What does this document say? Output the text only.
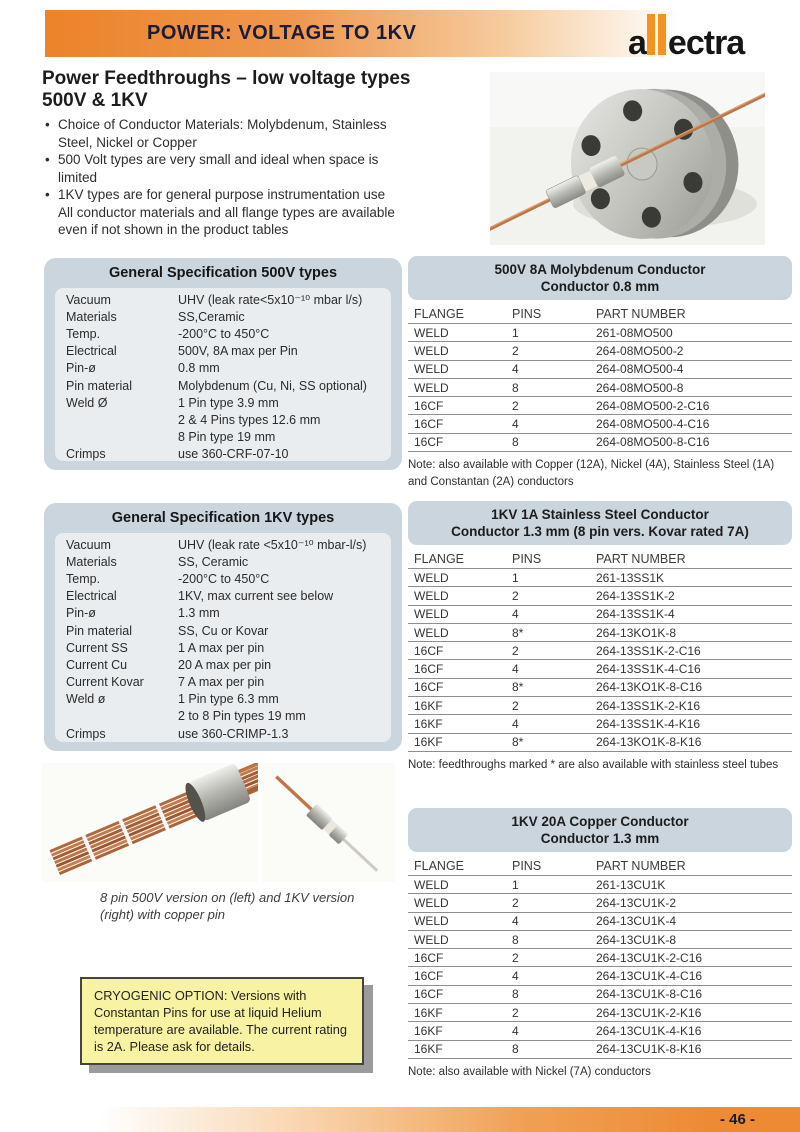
POWER: VOLTAGE TO 1KV	a ectra
Power Feedthroughs – low voltage types
500V & 1KV
• Choice of Conductor Materials: Molybdenum, Stainless Steel, Nickel or Copper
• 500 Volt types are very small and ideal when space is limited
• 1KV types are for general purpose instrumentation use
All conductor materials and all flange types are available even if not shown in the product tables
General Specification 500V types
Vacuum	UHV (leak rate<5x10⁻¹⁰ mbar l/s)
Materials	SS,Ceramic
Temp.	-200°C to 450°C
Electrical	500V, 8A max per Pin
Pin-ø	0.8 mm
Pin material	Molybdenum (Cu, Ni, SS optional)
Weld Ø	1 Pin type 3.9 mm
2 & 4 Pins types 12.6 mm
8 Pin type 19 mm
Crimps	use 360-CRF-07-10
500V 8A Molybdenum Conductor
Conductor 0.8 mm
FLANGE	PINS	PART NUMBER
WELD	1	261-08MO500
WELD	2	264-08MO500-2
WELD	4	264-08MO500-4
WELD	8	264-08MO500-8
16CF	2	264-08MO500-2-C16
16CF	4	264-08MO500-4-C16
16CF	8	264-08MO500-8-C16
Note: also available with Copper (12A), Nickel (4A), Stainless Steel (1A) and Constantan (2A) conductors
General Specification 1KV types
Vacuum	UHV (leak rate <5x10⁻¹⁰ mbar-l/s)
Materials	SS, Ceramic
Temp.	-200°C to 450°C
Electrical	1KV, max current see below
Pin-ø	1.3 mm
Pin material	SS, Cu or Kovar
Current SS	1 A max per pin
Current Cu	20 A max per pin
Current Kovar	7 A max per pin
Weld ø	1 Pin type 6.3 mm
2 to 8 Pin types 19 mm
Crimps	use 360-CRIMP-1.3
1KV 1A Stainless Steel Conductor
Conductor 1.3 mm (8 pin vers. Kovar rated 7A)
FLANGE	PINS	PART NUMBER
WELD	1	261-13SS1K
WELD	2	264-13SS1K-2
WELD	4	264-13SS1K-4
WELD	8*	264-13KO1K-8
16CF	2	264-13SS1K-2-C16
16CF	4	264-13SS1K-4-C16
16CF	8*	264-13KO1K-8-C16
16KF	2	264-13SS1K-2-K16
16KF	4	264-13SS1K-4-K16
16KF	8*	264-13KO1K-8-K16
Note: feedthroughs marked * are also available with stainless steel tubes
8 pin 500V version on (left) and 1KV version (right) with copper pin
1KV 20A Copper Conductor
Conductor 1.3 mm
FLANGE	PINS	PART NUMBER
WELD	1	261-13CU1K
WELD	2	264-13CU1K-2
WELD	4	264-13CU1K-4
WELD	8	264-13CU1K-8
16CF	2	264-13CU1K-2-C16
16CF	4	264-13CU1K-4-C16
16CF	8	264-13CU1K-8-C16
16KF	2	264-13CU1K-2-K16
16KF	4	264-13CU1K-4-K16
16KF	8	264-13CU1K-8-K16
Note: also available with Nickel (7A) conductors
CRYOGENIC OPTION: Versions with Constantan Pins for use at liquid Helium temperature are available. The current rating is 2A. Please ask for details.
- 46 -
